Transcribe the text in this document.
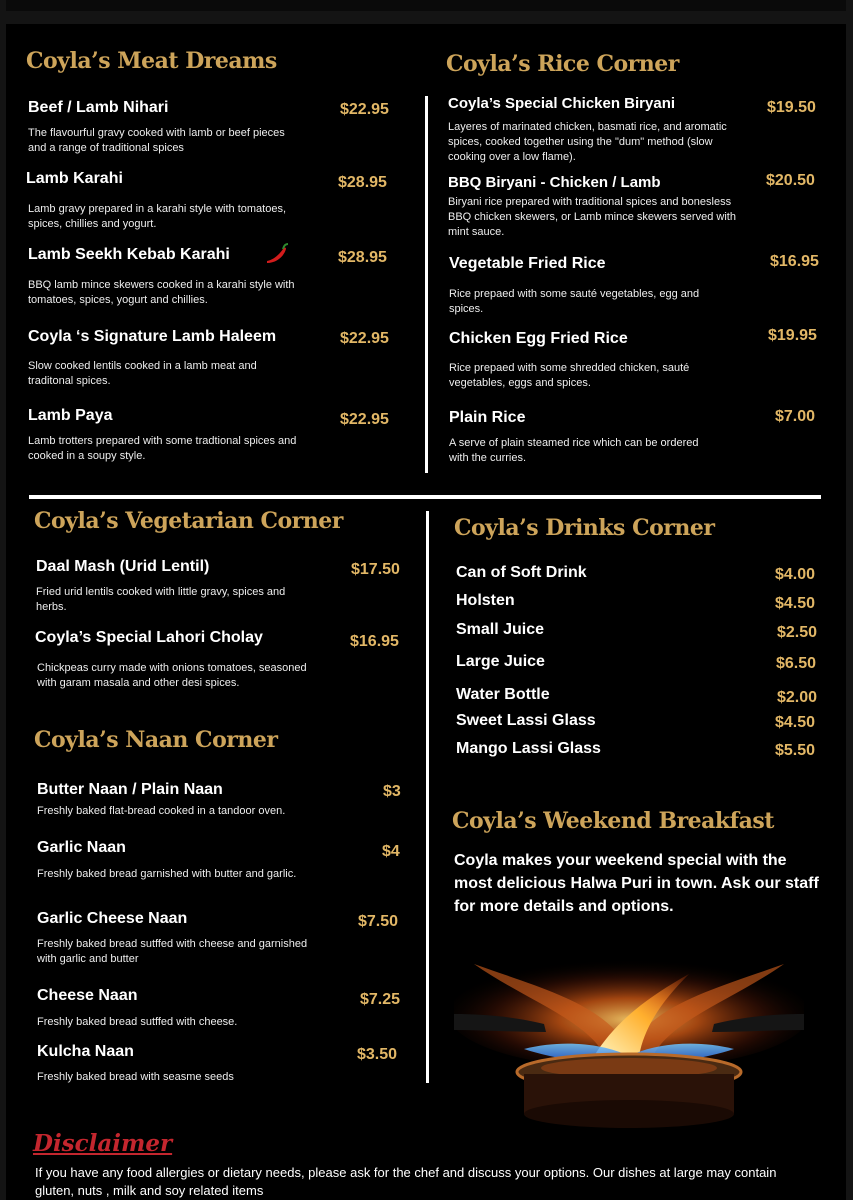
Coyla’s Meat Dreams
Beef / Lamb Nihari	$22.95
The flavourful gravy cooked with lamb or beef pieces and a range of traditional spices
Lamb Karahi	$28.95
Lamb gravy prepared in a karahi style with tomatoes, spices, chillies and yogurt.
Lamb Seekh Kebab Karahi	$28.95
BBQ lamb mince skewers cooked in a karahi style with tomatoes, spices, yogurt and chillies.
Coyla ‘s Signature Lamb Haleem	$22.95
Slow cooked lentils cooked in a lamb meat and traditonal spices.
Lamb Paya	$22.95
Lamb trotters prepared with some tradtional spices and cooked in a soupy style.
Coyla’s Rice Corner
Coyla’s Special Chicken Biryani	$19.50
Layeres of marinated chicken, basmati rice, and aromatic spices, cooked together using the "dum" method (slow cooking over a low flame).
BBQ Biryani - Chicken / Lamb	$20.50
Biryani rice prepared with traditional spices and bonesless BBQ chicken skewers, or Lamb mince skewers served with mint sauce.
Vegetable Fried Rice	$16.95
Rice prepaed with some sauté vegetables, egg and spices.
Chicken Egg Fried Rice	$19.95
Rice prepaed with some shredded chicken, sauté vegetables, eggs and spices.
Plain Rice	$7.00
A serve of plain steamed rice which can be ordered with the curries.
Coyla’s Vegetarian Corner
Daal Mash (Urid Lentil)	$17.50
Fried urid lentils cooked with little gravy, spices and herbs.
Coyla’s Special Lahori Cholay	$16.95
Chickpeas curry made with onions tomatoes, seasoned with garam masala and other desi spices.
Coyla’s Naan Corner
Butter Naan / Plain Naan	$3
Freshly baked flat-bread cooked in a tandoor oven.
Garlic Naan	$4
Freshly baked bread garnished with butter and garlic.
Garlic Cheese Naan	$7.50
Freshly baked bread sutffed with cheese and garnished with garlic and butter
Cheese Naan	$7.25
Freshly baked bread sutffed with cheese.
Kulcha Naan	$3.50
Freshly baked bread with seasme seeds
Coyla’s Drinks Corner
Can of Soft Drink	$4.00
Holsten	$4.50
Small Juice	$2.50
Large Juice	$6.50
Water Bottle	$2.00
Sweet Lassi Glass	$4.50
Mango Lassi Glass	$5.50
Coyla’s Weekend Breakfast
Coyla makes your weekend special with the most delicious Halwa Puri in town. Ask our staff for more details and options.
Disclaimer
If you have any food allergies or dietary needs, please ask for the chef and discuss your options. Our dishes at large may contain gluten, nuts , milk and soy related items
